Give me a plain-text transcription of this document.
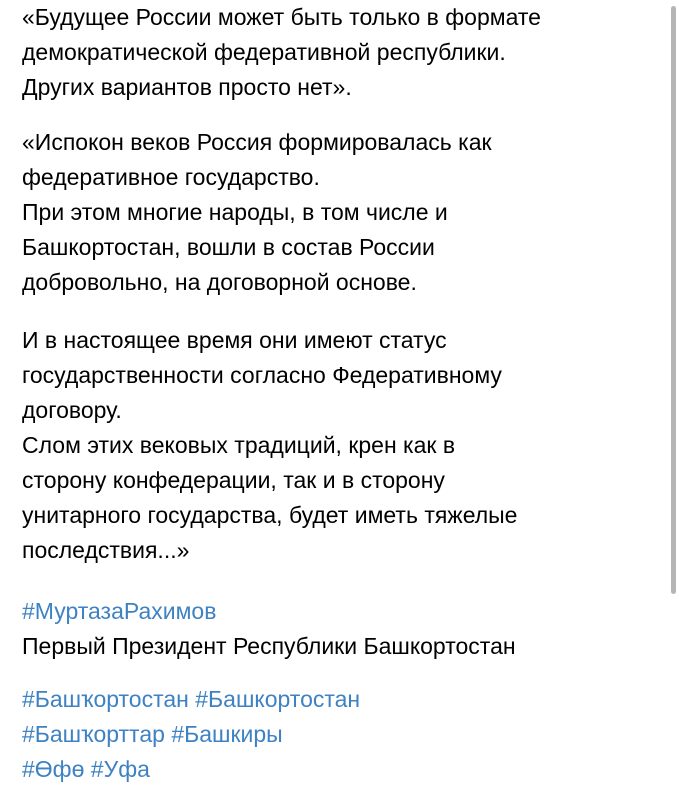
«Будущее России может быть только в формате
демократической федеративной республики.
Других вариантов просто нет».

«Испокон веков Россия формировалась как
федеративное государство.
При этом многие народы, в том числе и
Башкортостан, вошли в состав России
добровольно, на договорной основе.

И в настоящее время они имеют статус
государственности согласно Федеративному
договору.
Слом этих вековых традиций, крен как в
сторону конфедерации, так и в сторону
унитарного государства, будет иметь тяжелые
последствия...»

#МуртазаРахимов
Первый Президент Республики Башкортостан

#Башҡортостан #Башкортостан
#Башҡорттар #Башкиры
#Өфө #Уфа
